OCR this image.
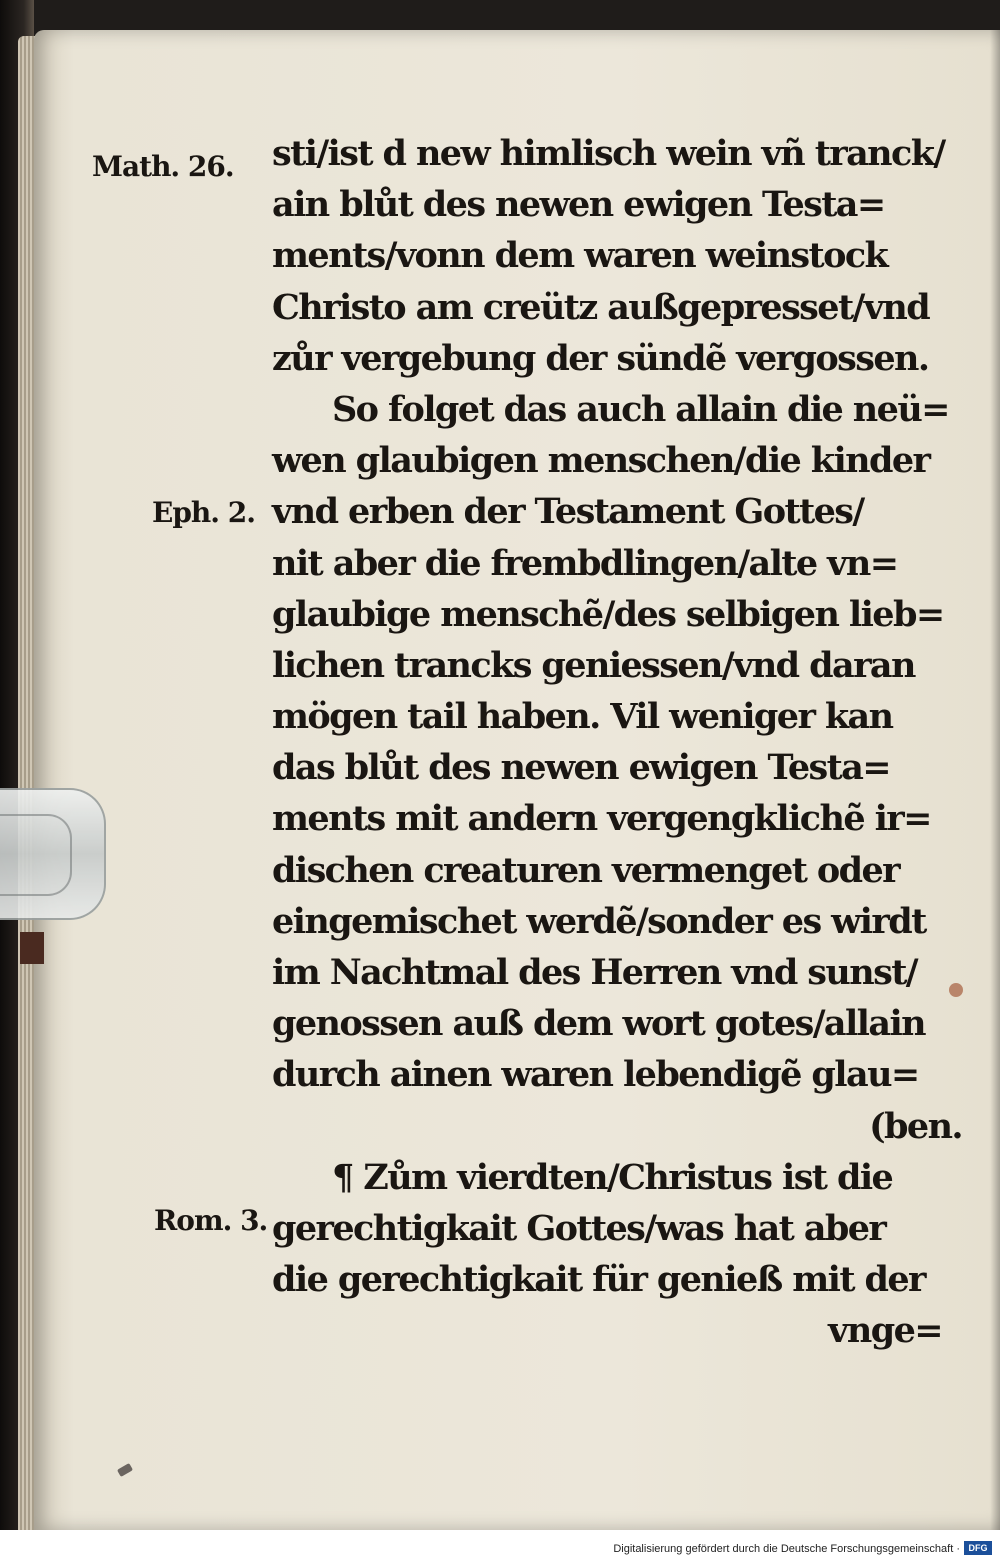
Math. 26.
Eph. 2.
Rom. 3.
sti/ist d new himlisch wein vñ tranck/
ain blůt des newen ewigen Testa=
ments/vonn dem waren weinstock
Christo am creütz außgepresset/vnd
zůr vergebung der sündẽ vergossen.
So folget das auch allain die neü=
wen glaubigen menschen/die kinder
vnd erben der Testament Gottes/
nit aber die frembdlingen/alte vn=
glaubige menschẽ/des selbigen lieb=
lichen trancks geniessen/vnd daran
mögen tail haben. Vil weniger kan
das blůt des newen ewigen Testa=
ments mit andern vergengklichẽ ir=
dischen creaturen vermenget oder
eingemischet werdẽ/sonder es wirdt
im Nachtmal des Herren vnd sunst/
genossen auß dem wort gotes/allain
durch ainen waren lebendigẽ glau=
(ben.
¶ Zům vierdten/Christus ist die
gerechtigkait Gottes/was hat aber
die gerechtigkait für genieß mit der
vnge=
Digitalisierung gefördert durch die Deutsche Forschungsgemeinschaft · DFG
